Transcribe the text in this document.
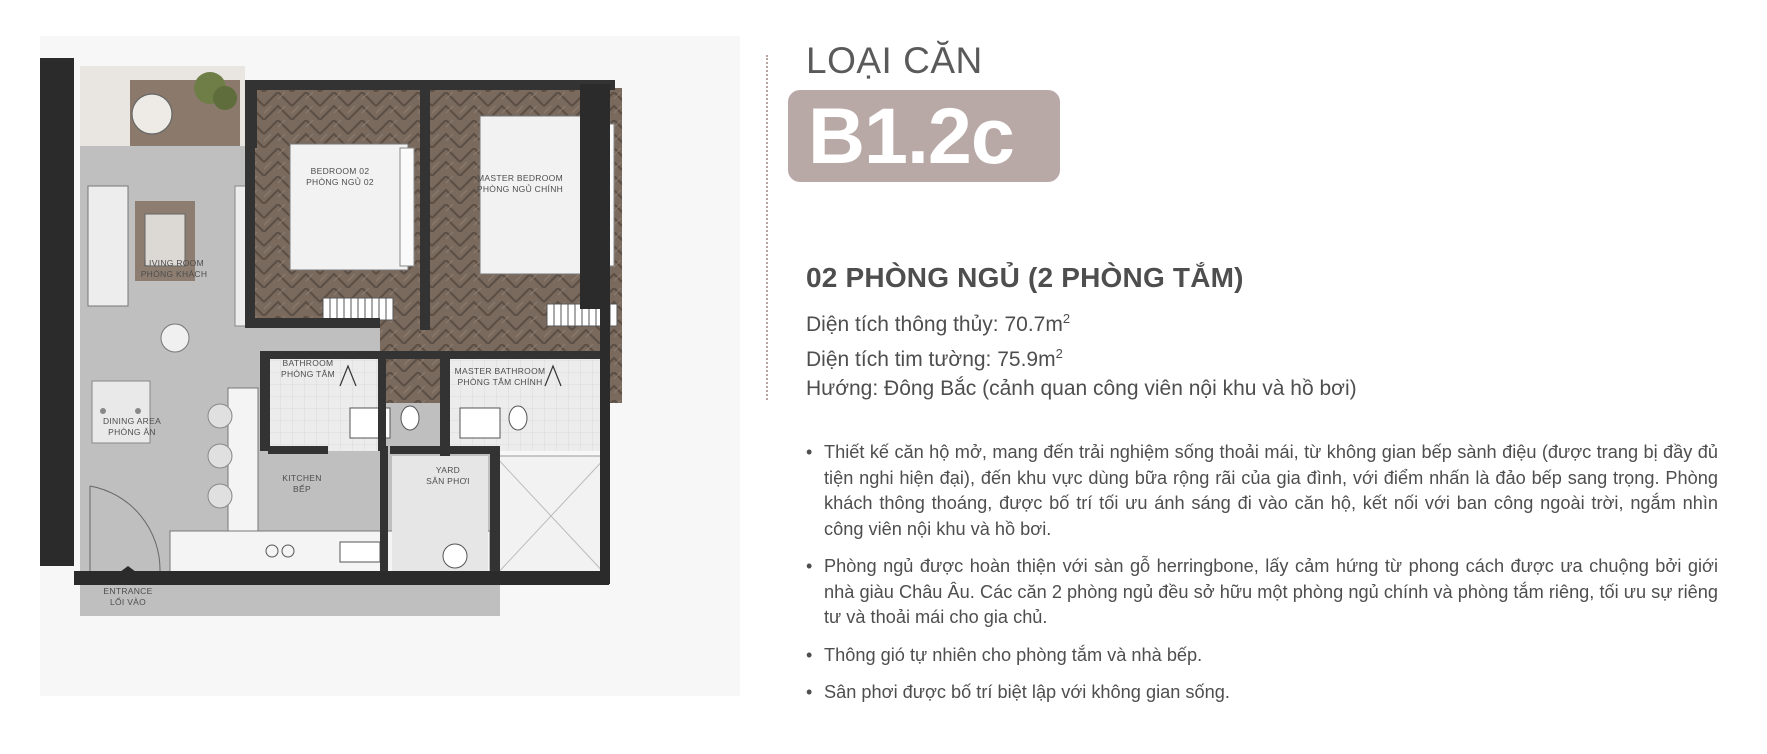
BEDROOM 02 PHÒNG NGỦ 02	MASTER BEDROOM PHÒNG NGỦ CHÍNH
LIVING ROOM PHÒNG KHÁCH
BATHROOM PHÒNG TẮM	MASTER BATHROOM PHÒNG TẮM CHÍNH
DINING AREA PHÒNG ĂN
KITCHEN BẾP
YARD SÂN PHƠI
ENTRANCE LỐI VÀO
LOẠI CĂN
B1.2c
02 PHÒNG NGỦ (2 PHÒNG TẮM)
Diện tích thông thủy: $70.7m^2$
Diện tích tim tường: $75.9m^2$
Hướng: Đông Bắc (cảnh quan công viên nội khu và hồ bơi)
• Thiết kế căn hộ mở, mang đến trải nghiệm sống thoải mái, từ không gian bếp sành điệu (được trang bị đầy đủ tiện nghi hiện đại), đến khu vực dùng bữa rộng rãi của gia đình, với điểm nhấn là đảo bếp sang trọng. Phòng khách thông thoáng, được bố trí tối ưu ánh sáng đi vào căn hộ, kết nối với ban công ngoài trời, ngắm nhìn công viên nội khu và hồ bơi.
• Phòng ngủ được hoàn thiện với sàn gỗ herringbone, lấy cảm hứng từ phong cách được ưa chuộng bởi giới nhà giàu Châu Âu. Các căn 2 phòng ngủ đều sở hữu một phòng ngủ chính và phòng tắm riêng, tối ưu sự riêng tư và thoải mái cho gia chủ.
• Thông gió tự nhiên cho phòng tắm và nhà bếp.
• Sân phơi được bố trí biệt lập với không gian sống.
